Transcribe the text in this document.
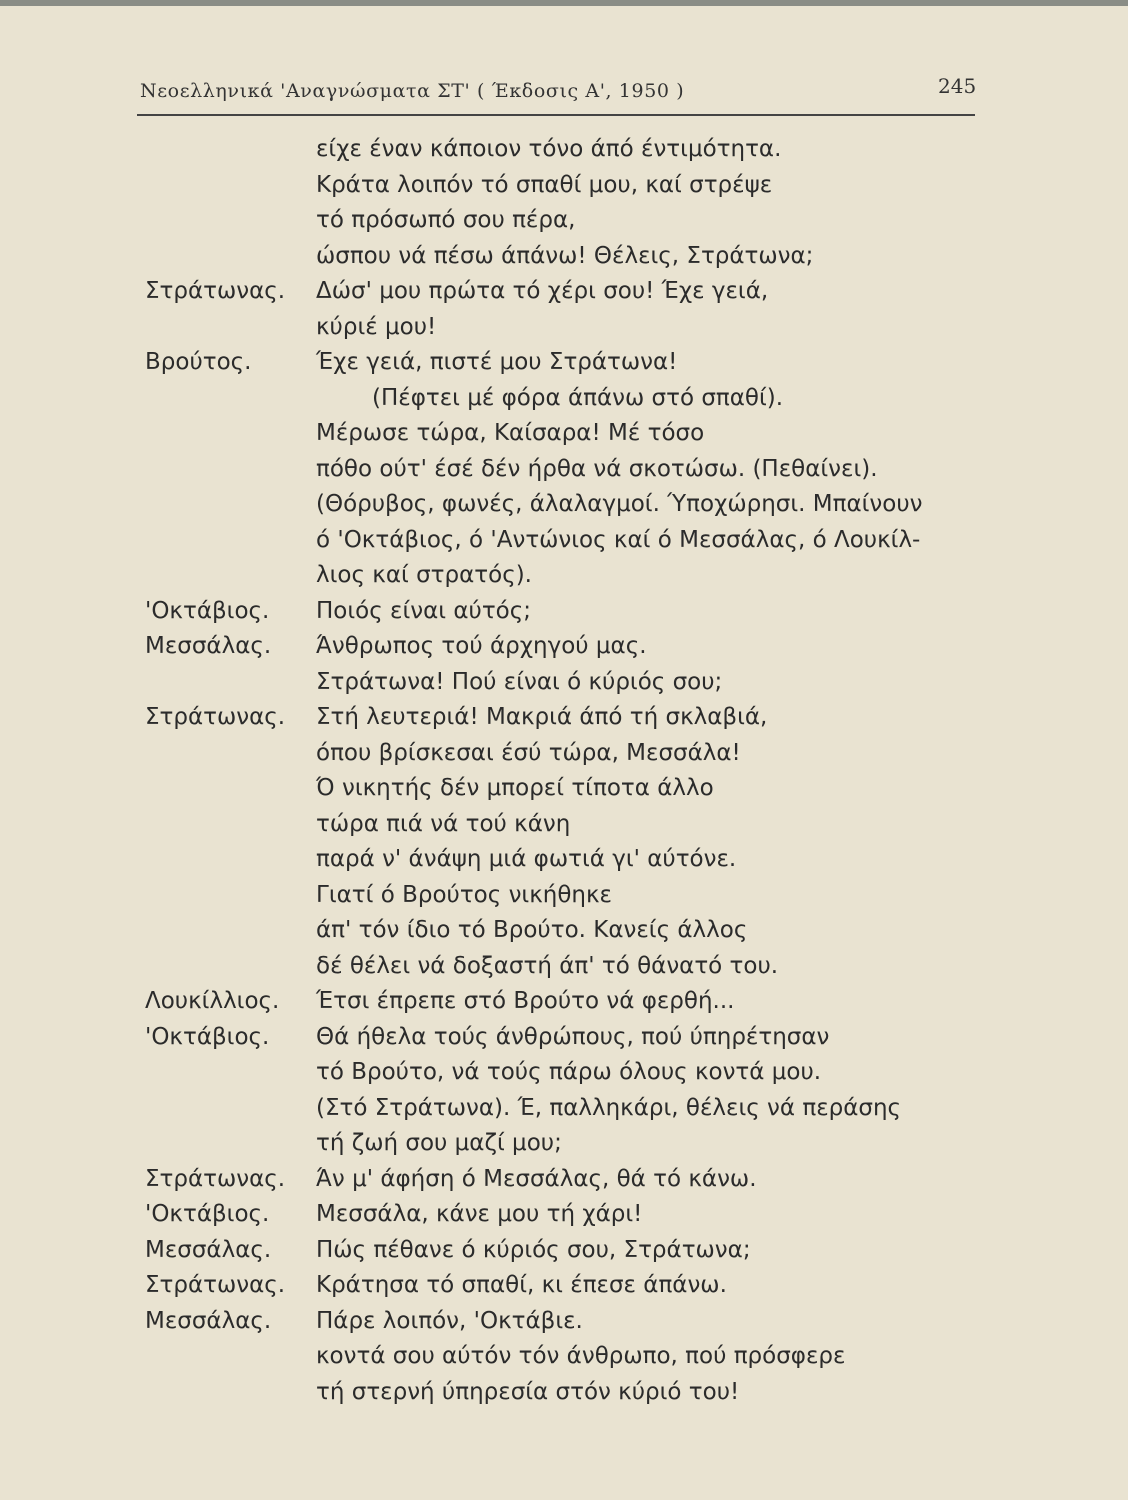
Νεοελληνικά 'Αναγνώσματα ΣΤ' ( Έκδοσις Α', 1950 )	245
είχε έναν κάποιον τόνο άπό έντιμότητα.
Κράτα λοιπόν τό σπαθί μου, καί στρέψε
τό πρόσωπό σου πέρα,
ώσπου νά πέσω άπάνω! Θέλεις, Στράτωνα;
Στράτωνας. Δώσ' μου πρώτα τό χέρι σου! Έχε γειά,
κύριέ μου!
Βρούτος.	Έχε γειά, πιστέ μου Στράτωνα!
(Πέφτει μέ φόρα άπάνω στό σπαθί).
Μέρωσε τώρα, Καίσαρα! Μέ τόσο
πόθο ούτ' έσέ δέν ήρθα νά σκοτώσω. (Πεθαίνει).
(Θόρυβος, φωνές, άλαλαγμοί. Ύποχώρησι. Μπαίνουν
ό 'Οκτάβιος, ό 'Αντώνιος καί ό Μεσσάλας, ό Λουκίλ-
λιος καί στρατός).
'Οκτάβιος. Ποιός είναι αύτός;
Μεσσάλας. Άνθρωπος τού άρχηγού μας.
Στράτωνα! Πού είναι ό κύριός σου;
Στράτωνας. Στή λευτεριά! Μακριά άπό τή σκλαβιά,
όπου βρίσκεσαι έσύ τώρα, Μεσσάλα!
Ό νικητής δέν μπορεί τίποτα άλλο
τώρα πιά νά τού κάνη
παρά ν' άνάψη μιά φωτιά γι' αύτόνε.
Γιατί ό Βρούτος νικήθηκε
άπ' τόν ίδιο τό Βρούτο. Κανείς άλλος
δέ θέλει νά δοξαστή άπ' τό θάνατό του.
Λουκίλλιος. Έτσι έπρεπε στό Βρούτο νά φερθή...
'Οκτάβιος. Θά ήθελα τούς άνθρώπους, πού ύπηρέτησαν
τό Βρούτο, νά τούς πάρω όλους κοντά μου.
(Στό Στράτωνα). Έ, παλληκάρι, θέλεις νά περάσης
τή ζωή σου μαζί μου;
Στράτωνας. Άν μ' άφήση ό Μεσσάλας, θά τό κάνω.
'Οκτάβιος. Μεσσάλα, κάνε μου τή χάρι!
Μεσσάλας. Πώς πέθανε ό κύριός σου, Στράτωνα;
Στράτωνας. Κράτησα τό σπαθί, κι έπεσε άπάνω.
Μεσσάλας. Πάρε λοιπόν, 'Οκτάβιε.
κοντά σου αύτόν τόν άνθρωπο, πού πρόσφερε
τή στερνή ύπηρεσία στόν κύριό του!
